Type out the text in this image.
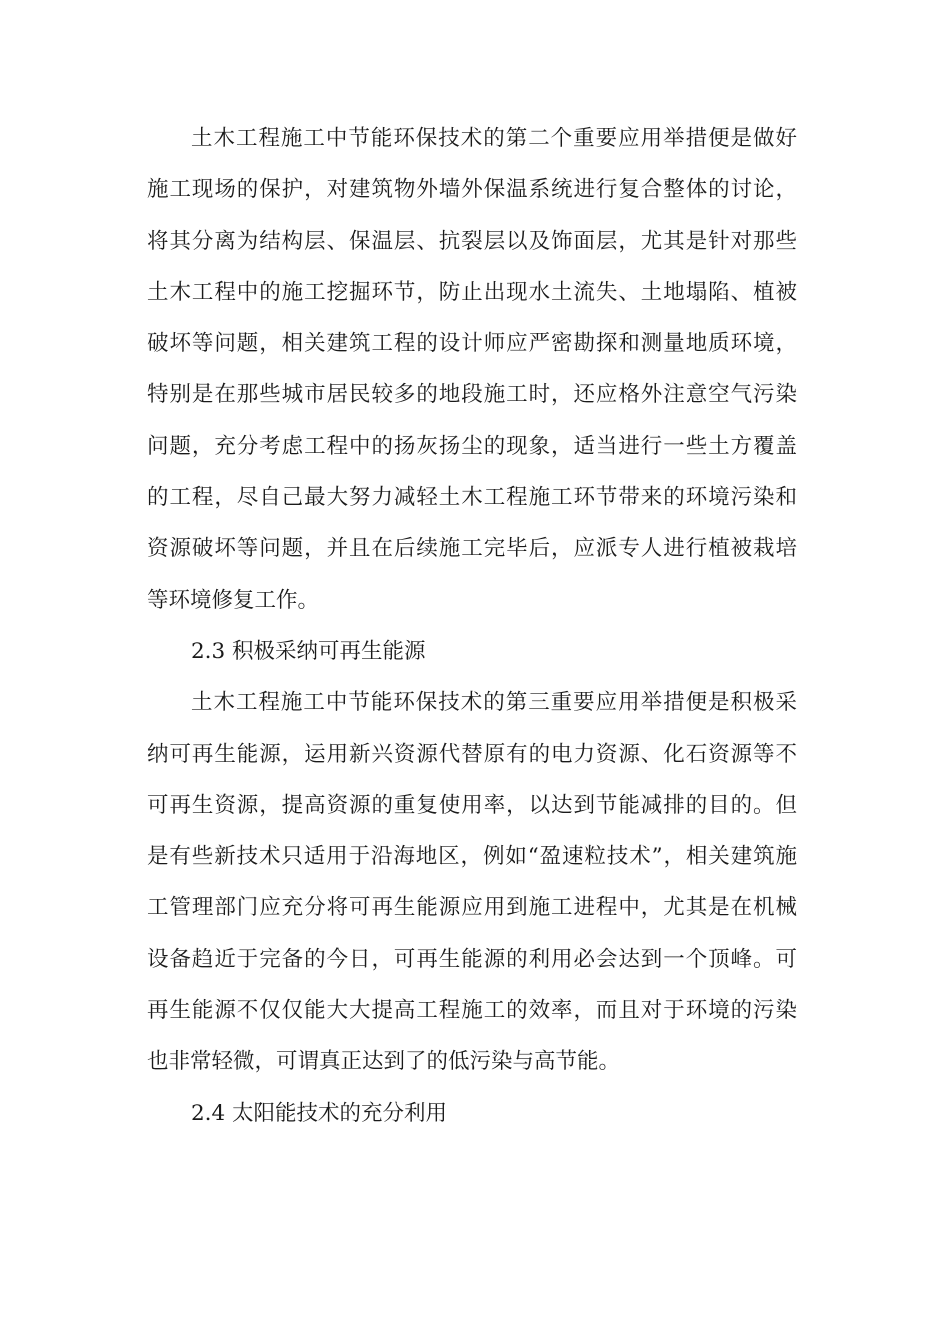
土木工程施工中节能环保技术的第二个重要应用举措便是做好
施工现场的保护，对建筑物外墙外保温系统进行复合整体的讨论，
将其分离为结构层、保温层、抗裂层以及饰面层，尤其是针对那些
土木工程中的施工挖掘环节，防止出现水土流失、土地塌陷、植被
破坏等问题，相关建筑工程的设计师应严密勘探和测量地质环境，
特别是在那些城市居民较多的地段施工时，还应格外注意空气污染
问题，充分考虑工程中的扬灰扬尘的现象，适当进行一些土方覆盖
的工程，尽自己最大努力减轻土木工程施工环节带来的环境污染和
资源破坏等问题，并且在后续施工完毕后，应派专人进行植被栽培
等环境修复工作。
2.3 积极采纳可再生能源
土木工程施工中节能环保技术的第三重要应用举措便是积极采
纳可再生能源，运用新兴资源代替原有的电力资源、化石资源等不
可再生资源，提高资源的重复使用率，以达到节能减排的目的。但
是有些新技术只适用于沿海地区，例如“盈速粒技术”，相关建筑施
工管理部门应充分将可再生能源应用到施工进程中，尤其是在机械
设备趋近于完备的今日，可再生能源的利用必会达到一个顶峰。可
再生能源不仅仅能大大提高工程施工的效率，而且对于环境的污染
也非常轻微，可谓真正达到了的低污染与高节能。
2.4 太阳能技术的充分利用
